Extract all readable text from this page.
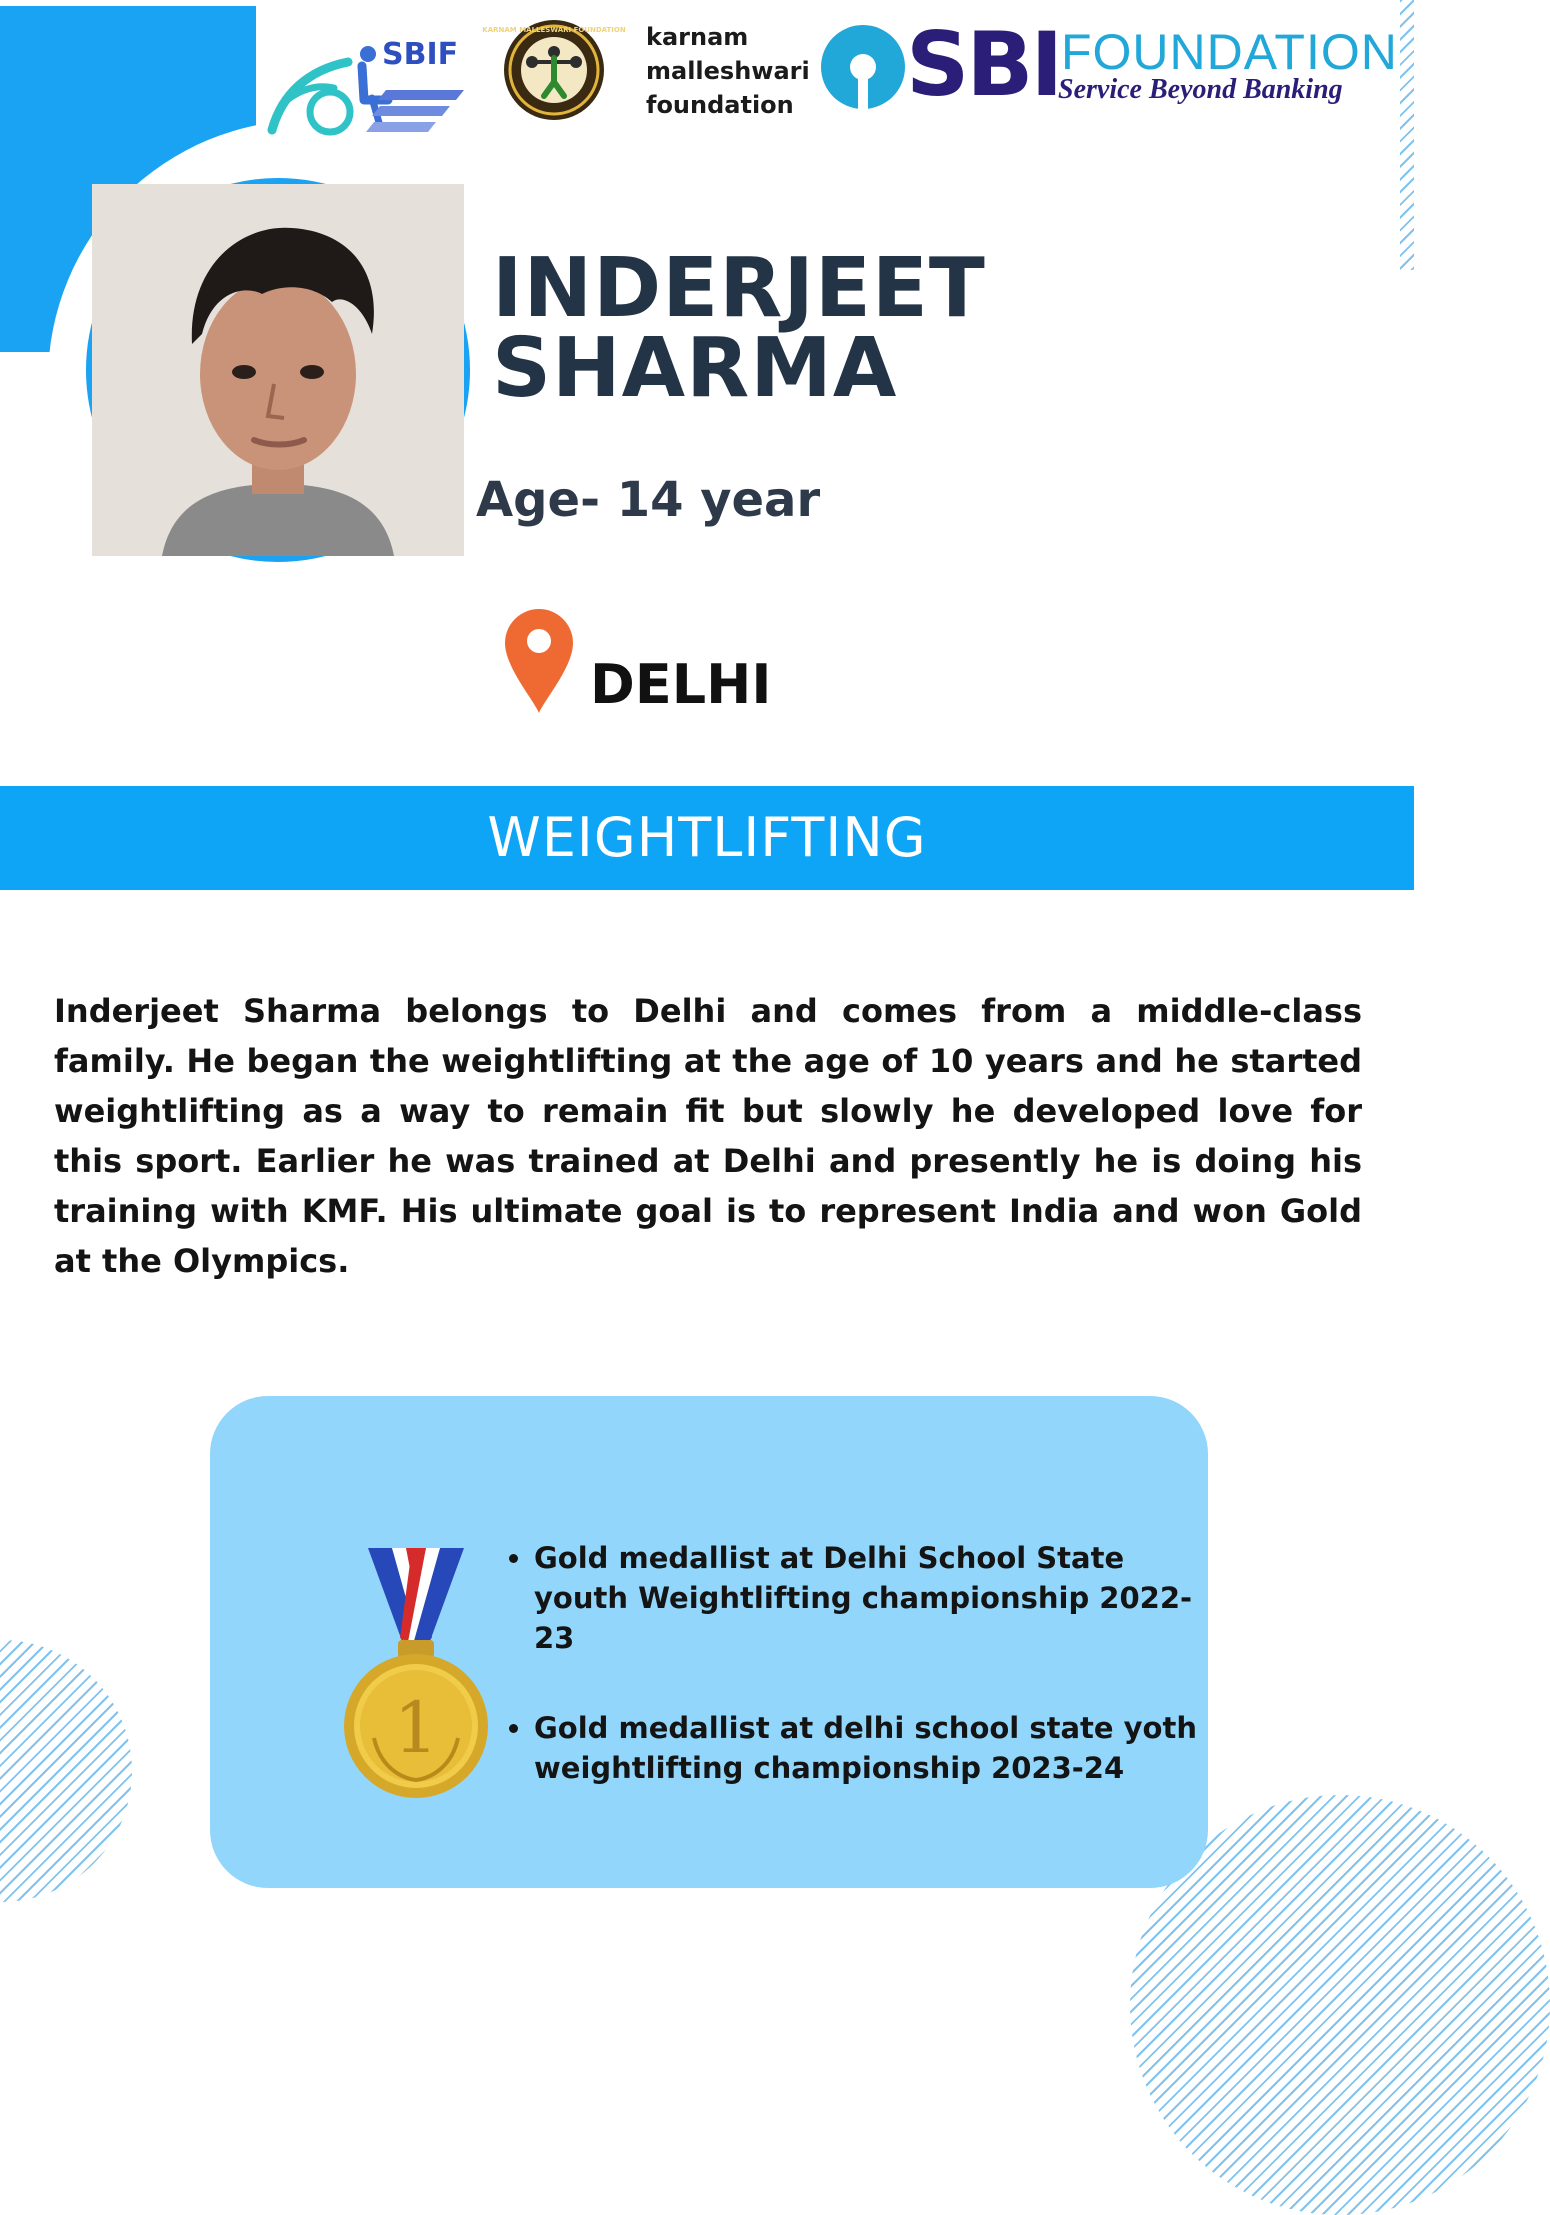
SBIF
KARNAM MALLESWARI FOUNDATION karnam
malleshwari
foundation	SBI FOUNDATION
Service Beyond Banking
INDERJEET
SHARMA
Age- 14 year
DELHI
WEIGHTLIFTING

Inderjeet Sharma belongs to Delhi and comes from a middle-class family. He began the weightlifting at the age of 10 years and he started weightlifting as a way to remain fit but slowly he developed love for this sport. Earlier he was trained at Delhi and presently he is doing his training with KMF. His ultimate goal is to represent India and won Gold at the Olympics.

1
• Gold medallist at Delhi School State youth Weightlifting championship 2022-23
• Gold medallist at delhi school state yoth weightlifting championship 2023-24
